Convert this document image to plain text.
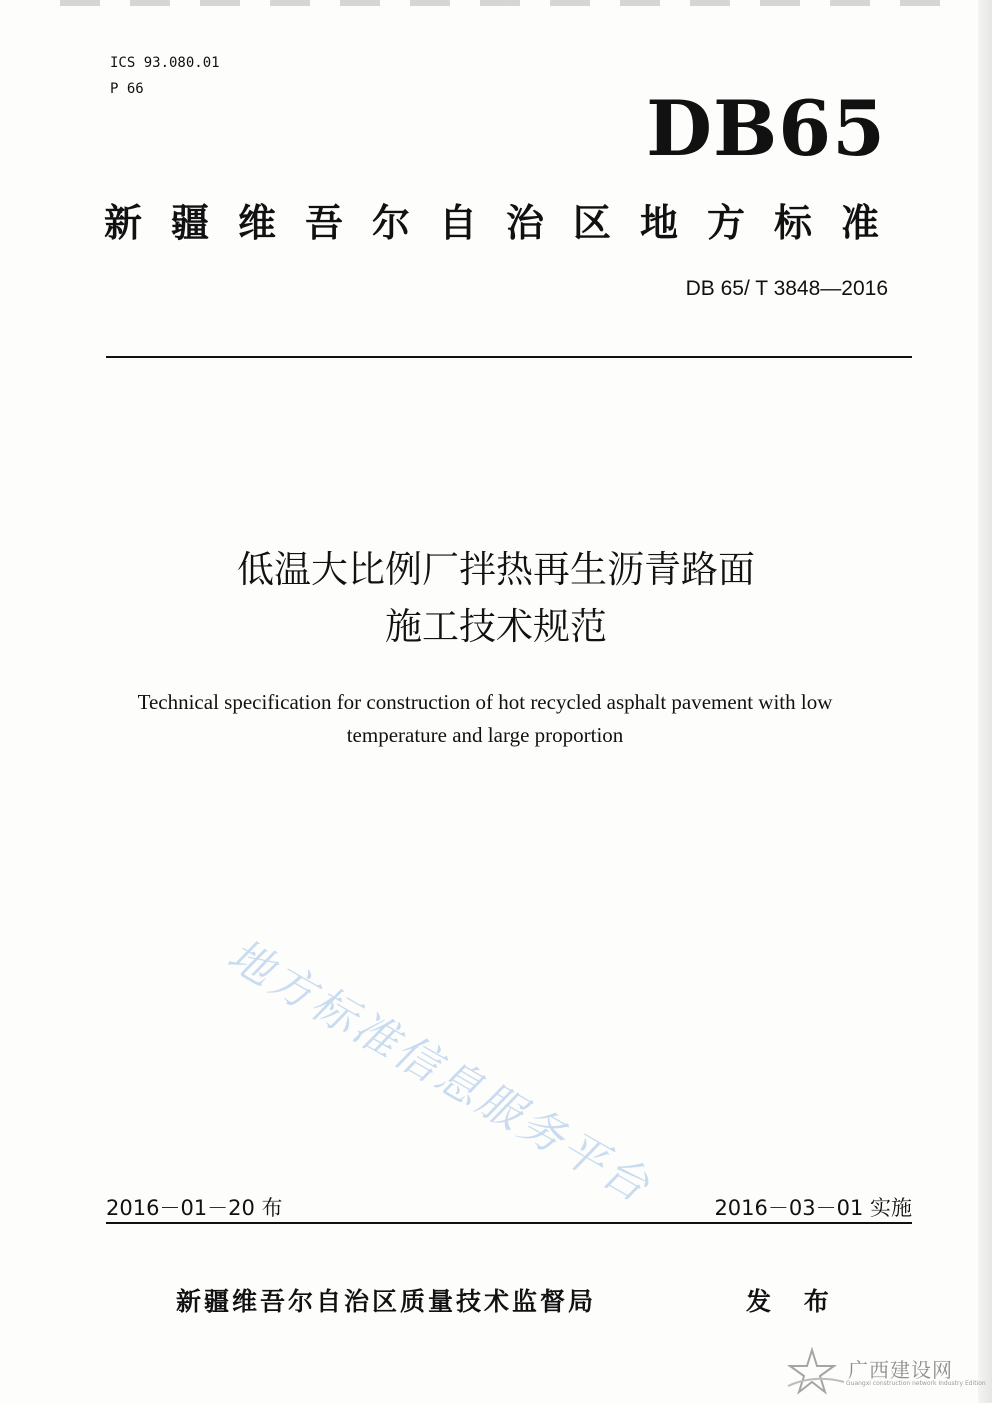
ICS 93.080.01
P 66	DB65
新疆维吾尔自治区地方标准
DB 65/ T 3848—2016
低温大比例厂拌热再生沥青路面
施工技术规范
Technical specification for construction of hot recycled asphalt pavement with low
temperature and large proportion
地方标准信息服务平台
2016－01－20 布	2016－03－01 实施
新疆维吾尔自治区质量技术监督局	发 布
广西建设网
Guangxi construction network Industry Edition
